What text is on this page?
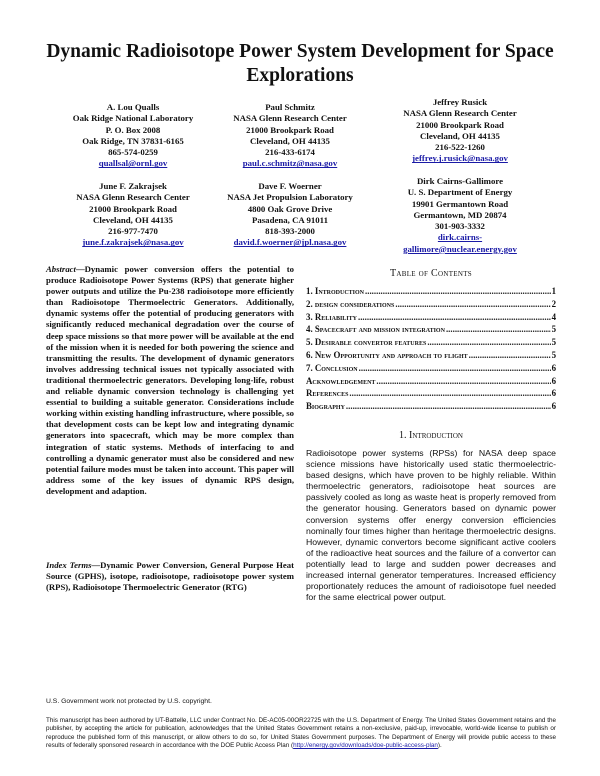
Dynamic Radioisotope Power System Development for Space Explorations
A. Lou Qualls
Oak Ridge National Laboratory
P. O. Box 2008
Oak Ridge, TN 37831-6165
865-574-0259
quallsal@ornl.gov
Paul Schmitz
NASA Glenn Research Center
21000 Brookpark Road
Cleveland, OH 44135
216-433-6174
paul.c.schmitz@nasa.gov
Jeffrey Rusick
NASA Glenn Research Center
21000 Brookpark Road
Cleveland, OH 44135
216-522-1260
jeffrey.j.rusick@nasa.gov
June F. Zakrajsek
NASA Glenn Research Center
21000 Brookpark Road
Cleveland, OH 44135
216-977-7470
june.f.zakrajsek@nasa.gov
Dave F. Woerner
NASA Jet Propulsion Laboratory
4800 Oak Grove Drive
Pasadena, CA 91011
818-393-2000
david.f.woerner@jpl.nasa.gov
Dirk Cairns-Gallimore
U. S. Department of Energy
19901 Germantown Road
Germantown, MD 20874
301-903-3332
dirk.cairns-
gallimore@nuclear.energy.gov
Abstract—Dynamic power conversion offers the potential to produce Radioisotope Power Systems (RPS) that generate higher power outputs and utilize the Pu-238 radioisotope more efficiently than Radioisotope Thermoelectric Generators. Additionally, dynamic systems offer the potential of producing generators with significantly reduced mechanical degradation over the course of deep space missions so that more power will be available at the end of the mission when it is needed for both powering the science and transmitting the results. The development of dynamic generators involves addressing technical issues not typically associated with traditional thermoelectric generators. Developing long-life, robust and reliable dynamic conversion technology is challenging yet essential to building a suitable generator. Considerations include working within existing handling infrastructure, where possible, so that development costs can be kept low and integrating dynamic generators into spacecraft, which may be more complex than integration of static systems. Methods of interfacing to and controlling a dynamic generator must also be considered and new potential failure modes must be taken into account. This paper will address some of the key issues of dynamic RPS design, development and adaption.
Index Terms—Dynamic Power Conversion, General Purpose Heat Source (GPHS), isotope, radioisotope, radioisotope power system (RPS), Radioisotope Thermoelectric Generator (RTG)
Table of Contents
1. Introduction .....	1
2. design considerations .....	2
3. Reliability .....	4
4. Spacecraft and mission integration .....	5
5. Desirable convertor features .....	5
6. New Opportunity and approach to flight .....	5
7. Conclusion .....	6
Acknowledgement .....	6
References .....	6
Biography .....	6
1. Introduction
Radioisotope power systems (RPSs) for NASA deep space science missions have historically used static thermoelectric-based designs, which have proven to be highly reliable. Within thermoelectric generators, radioisotope heat sources are passively cooled as long as waste heat is properly removed from the generator housing. Generators based on dynamic power conversion systems offer energy conversion efficiencies nominally four times higher than heritage thermoelectric designs. However, dynamic convertors become significant active coolers of the radioactive heat sources and the failure of a convertor can potentially lead to large and sudden power decreases and increased internal generator temperatures. Increased efficiency proportionately reduces the amount of radioisotope fuel needed for the same electrical power output.
U.S. Government work not protected by U.S. copyright.
This manuscript has been authored by UT-Battelle, LLC under Contract No. DE-AC05-00OR22725 with the U.S. Department of Energy. The United States Government retains and the publisher, by accepting the article for publication, acknowledges that the United States Government retains a non-exclusive, paid-up, irrevocable, world-wide license to publish or reproduce the published form of this manuscript, or allow others to do so, for United States Government purposes. The Department of Energy will provide public access to these results of federally sponsored research in accordance with the DOE Public Access Plan (http://energy.gov/downloads/doe-public-access-plan).
